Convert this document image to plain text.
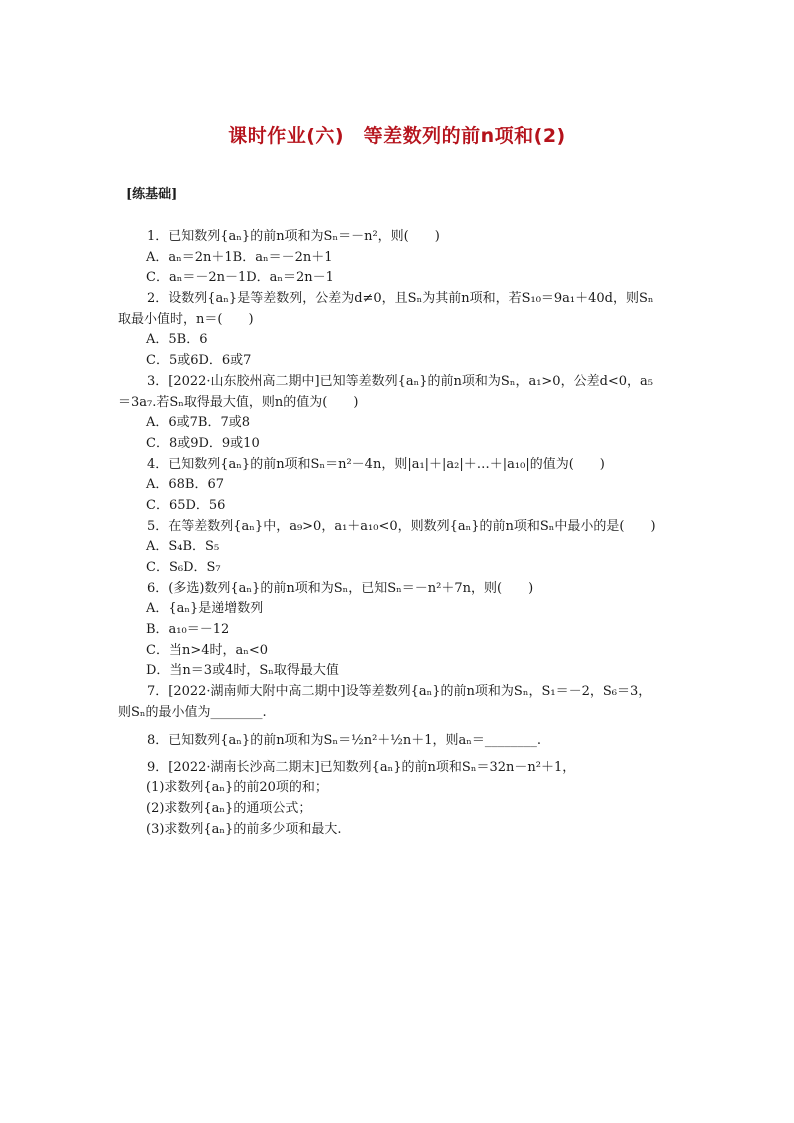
课时作业(六)　等差数列的前n项和(2)
[练基础]
1．已知数列{aₙ}的前n项和为Sₙ＝－n²，则(　　)
A．aₙ＝2n＋1B．aₙ＝－2n＋1
C．aₙ＝－2n－1D．aₙ＝2n－1
2．设数列{aₙ}是等差数列，公差为d≠0，且Sₙ为其前n项和，若S₁₀＝9a₁＋40d，则Sₙ
取最小值时，n＝(　　)
A．5B．6
C．5或6D．6或7
3．[2022·山东胶州高二期中]已知等差数列{aₙ}的前n项和为Sₙ，a₁>0，公差d<0，a₅
＝3a₇.若Sₙ取得最大值，则n的值为(　　)
A．6或7B．7或8
C．8或9D．9或10
4．已知数列{aₙ}的前n项和Sₙ＝n²－4n，则|a₁|＋|a₂|＋…＋|a₁₀|的值为(　　)
A．68B．67
C．65D．56
5．在等差数列{aₙ}中，a₉>0，a₁＋a₁₀<0，则数列{aₙ}的前n项和Sₙ中最小的是(　　)
A．S₄B．S₅
C．S₆D．S₇
6．(多选)数列{aₙ}的前n项和为Sₙ，已知Sₙ＝－n²＋7n，则(　　)
A．{aₙ}是递增数列
B．a₁₀＝－12
C．当n>4时，aₙ<0
D．当n＝3或4时，Sₙ取得最大值
7．[2022·湖南师大附中高二期中]设等差数列{aₙ}的前n项和为Sₙ，S₁＝－2，S₆＝3，
则Sₙ的最小值为________.
8．已知数列{aₙ}的前n项和为Sₙ＝½n²＋½n＋1，则aₙ＝________.
9．[2022·湖南长沙高二期末]已知数列{aₙ}的前n项和Sₙ＝32n－n²＋1，
(1)求数列{aₙ}的前20项的和；
(2)求数列{aₙ}的通项公式；
(3)求数列{aₙ}的前多少项和最大.
